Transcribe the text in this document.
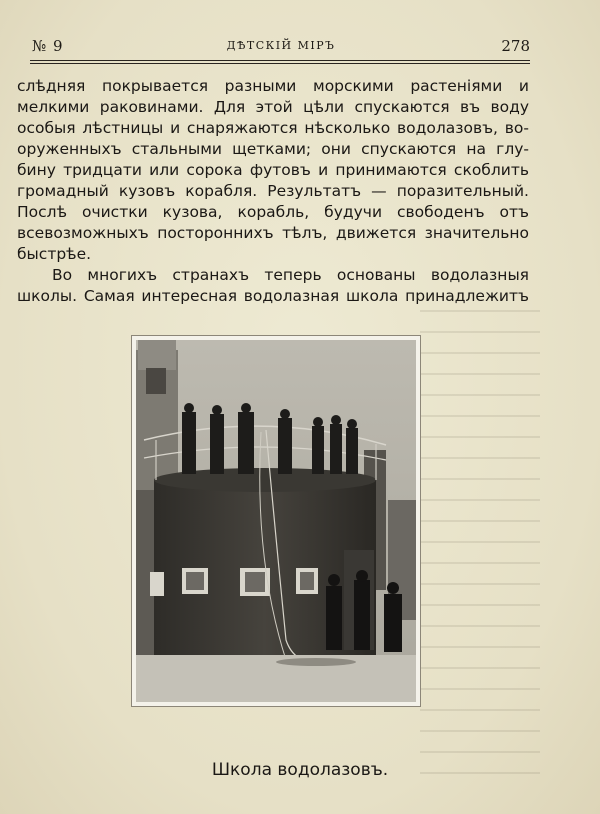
№ 9	ДѢТСКІЙ МІРЪ	278

слѣдняя покрывается разными морскими растеніями и
мелкими раковинами. Для этой цѣли спускаются въ воду
особыя лѣстницы и снаряжаются нѣсколько водолазовъ, во-
оруженныхъ стальными щетками; они спускаются на глу-
бину тридцати или сорока футовъ и принимаются скоблить
громадный кузовъ корабля. Результатъ — поразительный.
Послѣ очистки кузова, корабль, будучи свободенъ отъ
всевозможныхъ постороннихъ тѣлъ, движется значительно
быстрѣе.

Во многихъ странахъ теперь основаны водолазныя
школы. Самая интересная водолазная школа принадлежитъ

Школа водолазовъ.
